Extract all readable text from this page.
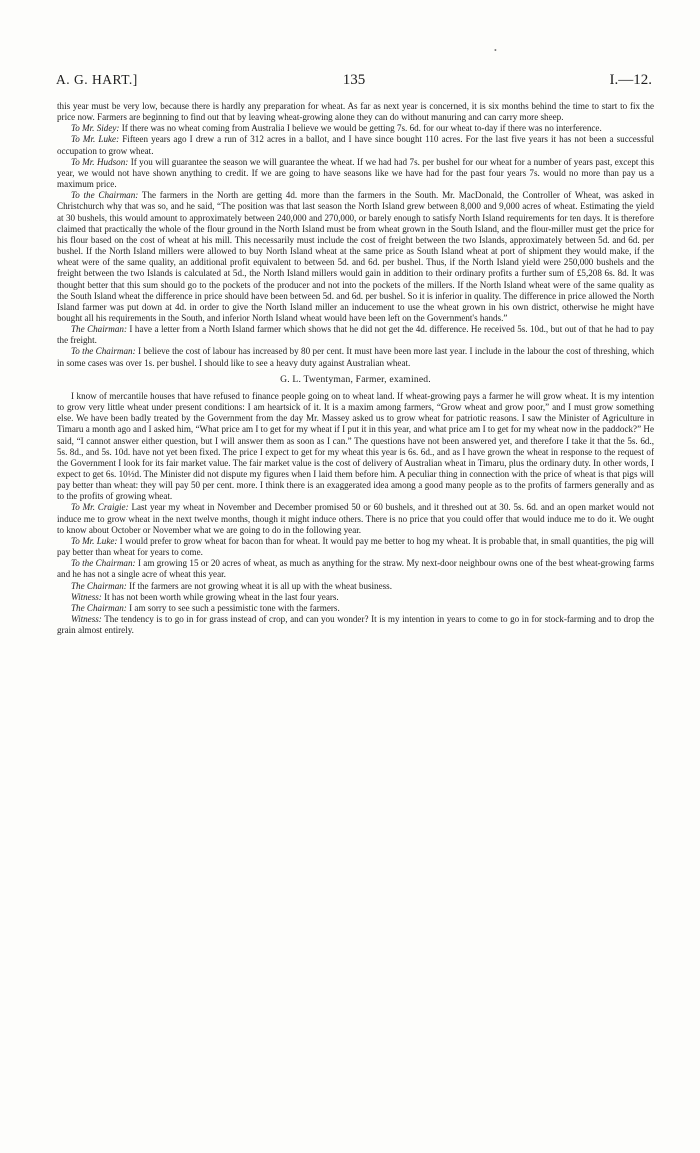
•
A. G. HART.]	135	I.—12.

this year must be very low, because there is hardly any preparation for wheat. As far as next year is concerned, it is six months behind the time to start to fix the price now. Farmers are beginning to find out that by leaving wheat-growing alone they can do without manuring and can carry more sheep.

To Mr. Sidey: If there was no wheat coming from Australia I believe we would be getting 7s. 6d. for our wheat to-day if there was no interference.

To Mr. Luke: Fifteen years ago I drew a run of 312 acres in a ballot, and I have since bought 110 acres. For the last five years it has not been a successful occupation to grow wheat.

To Mr. Hudson: If you will guarantee the season we will guarantee the wheat. If we had had 7s. per bushel for our wheat for a number of years past, except this year, we would not have shown anything to credit. If we are going to have seasons like we have had for the past four years 7s. would no more than pay us a maximum price.

To the Chairman: The farmers in the North are getting 4d. more than the farmers in the South. Mr. MacDonald, the Controller of Wheat, was asked in Christchurch why that was so, and he said, “The position was that last season the North Island grew between 8,000 and 9,000 acres of wheat. Estimating the yield at 30 bushels, this would amount to approximately between 240,000 and 270,000, or barely enough to satisfy North Island requirements for ten days. It is therefore claimed that practically the whole of the flour ground in the North Island must be from wheat grown in the South Island, and the flour-miller must get the price for his flour based on the cost of wheat at his mill. This necessarily must include the cost of freight between the two Islands, approximately between 5d. and 6d. per bushel. If the North Island millers were allowed to buy North Island wheat at the same price as South Island wheat at port of shipment they would make, if the wheat were of the same quality, an additional profit equivalent to between 5d. and 6d. per bushel. Thus, if the North Island yield were 250,000 bushels and the freight between the two Islands is calculated at 5d., the North Island millers would gain in addition to their ordinary profits a further sum of £5,208 6s. 8d. It was thought better that this sum should go to the pockets of the producer and not into the pockets of the millers. If the North Island wheat were of the same quality as the South Island wheat the difference in price should have been between 5d. and 6d. per bushel. So it is inferior in quality. The difference in price allowed the North Island farmer was put down at 4d. in order to give the North Island miller an inducement to use the wheat grown in his own district, otherwise he might have bought all his requirements in the South, and inferior North Island wheat would have been left on the Government's hands.”

The Chairman: I have a letter from a North Island farmer which shows that he did not get the 4d. difference. He received 5s. 10d., but out of that he had to pay the freight.

To the Chairman: I believe the cost of labour has increased by 80 per cent. It must have been more last year. I include in the labour the cost of threshing, which in some cases was over 1s. per bushel. I should like to see a heavy duty against Australian wheat.

G. L. Twentyman, Farmer, examined.

I know of mercantile houses that have refused to finance people going on to wheat land. If wheat-growing pays a farmer he will grow wheat. It is my intention to grow very little wheat under present conditions: I am heartsick of it. It is a maxim among farmers, “Grow wheat and grow poor,” and I must grow something else. We have been badly treated by the Government from the day Mr. Massey asked us to grow wheat for patriotic reasons. I saw the Minister of Agriculture in Timaru a month ago and I asked him, “What price am I to get for my wheat if I put it in this year, and what price am I to get for my wheat now in the paddock?” He said, “I cannot answer either question, but I will answer them as soon as I can.” The questions have not been answered yet, and therefore I take it that the 5s. 6d., 5s. 8d., and 5s. 10d. have not yet been fixed. The price I expect to get for my wheat this year is 6s. 6d., and as I have grown the wheat in response to the request of the Government I look for its fair market value. The fair market value is the cost of delivery of Australian wheat in Timaru, plus the ordinary duty. In other words, I expect to get 6s. 10½d. The Minister did not dispute my figures when I laid them before him. A peculiar thing in connection with the price of wheat is that pigs will pay better than wheat: they will pay 50 per cent. more. I think there is an exaggerated idea among a good many people as to the profits of farmers generally and as to the profits of growing wheat.

To Mr. Craigie: Last year my wheat in November and December promised 50 or 60 bushels, and it threshed out at 30. 5s. 6d. and an open market would not induce me to grow wheat in the next twelve months, though it might induce others. There is no price that you could offer that would induce me to do it. We ought to know about October or November what we are going to do in the following year.

To Mr. Luke: I would prefer to grow wheat for bacon than for wheat. It would pay me better to hog my wheat. It is probable that, in small quantities, the pig will pay better than wheat for years to come.

To the Chairman: I am growing 15 or 20 acres of wheat, as much as anything for the straw. My next-door neighbour owns one of the best wheat-growing farms and he has not a single acre of wheat this year.

The Chairman: If the farmers are not growing wheat it is all up with the wheat business.

Witness: It has not been worth while growing wheat in the last four years.

The Chairman: I am sorry to see such a pessimistic tone with the farmers.

Witness: The tendency is to go in for grass instead of crop, and can you wonder? It is my intention in years to come to go in for stock-farming and to drop the grain almost entirely.
